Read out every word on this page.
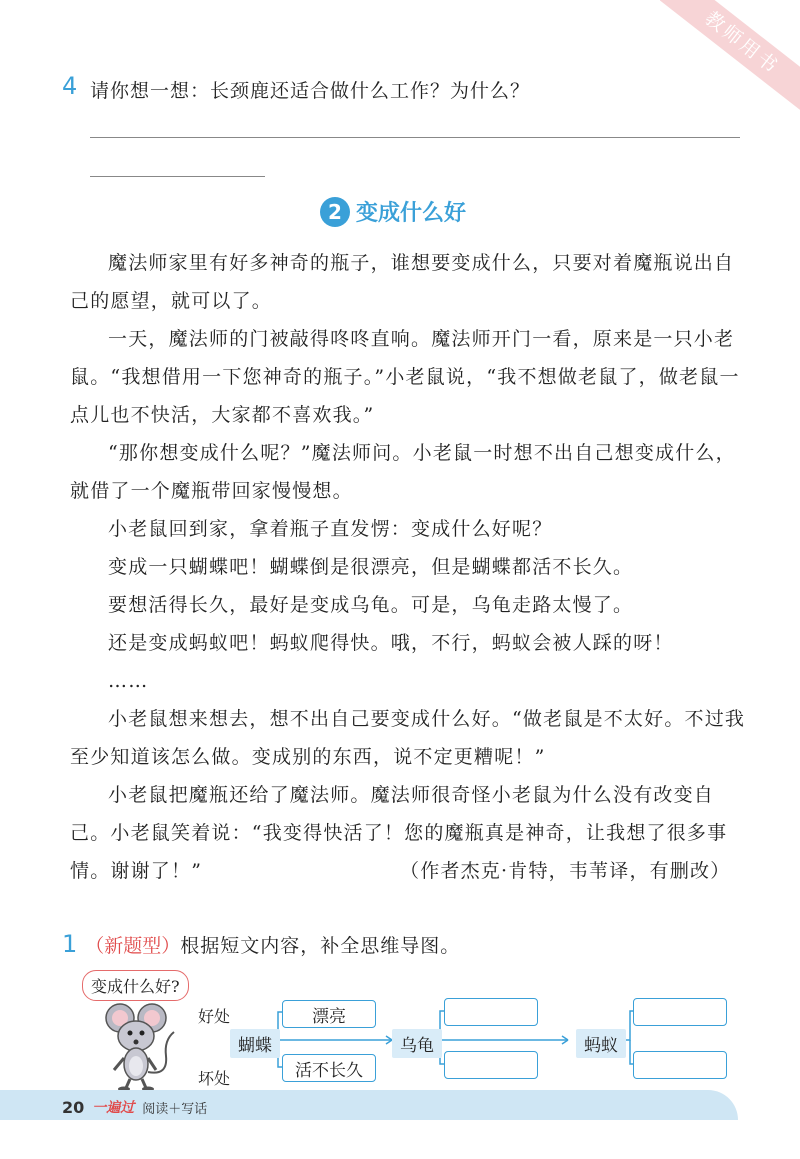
教师用书
4 请你想一想：长颈鹿还适合做什么工作？为什么？
2 变成什么好

魔法师家里有好多神奇的瓶子，谁想要变成什么，只要对着魔瓶说出自己的愿望，就可以了。

一天，魔法师的门被敲得咚咚直响。魔法师开门一看，原来是一只小老鼠。“我想借用一下您神奇的瓶子。”小老鼠说，“我不想做老鼠了，做老鼠一点儿也不快活，大家都不喜欢我。”

“那你想变成什么呢？”魔法师问。小老鼠一时想不出自己想变成什么，就借了一个魔瓶带回家慢慢想。

小老鼠回到家，拿着瓶子直发愣：变成什么好呢？

变成一只蝴蝶吧！蝴蝶倒是很漂亮，但是蝴蝶都活不长久。

要想活得长久，最好是变成乌龟。可是，乌龟走路太慢了。

还是变成蚂蚁吧！蚂蚁爬得快。哦，不行，蚂蚁会被人踩的呀！

……

小老鼠想来想去，想不出自己要变成什么好。“做老鼠是不太好。不过我至少知道该怎么做。变成别的东西，说不定更糟呢！”

小老鼠把魔瓶还给了魔法师。魔法师很奇怪小老鼠为什么没有改变自己。小老鼠笑着说：“我变得快活了！您的魔瓶真是神奇，让我想了很多事情。谢谢了！”	（作者杰克·肯特，韦苇译，有删改）

1 （新题型） 根据短文内容，补全思维导图。
变成什么好?
好处
坏处
蝴蝶
漂亮
活不长久
乌龟	蚂蚁
20 一遍过 阅读＋写话
